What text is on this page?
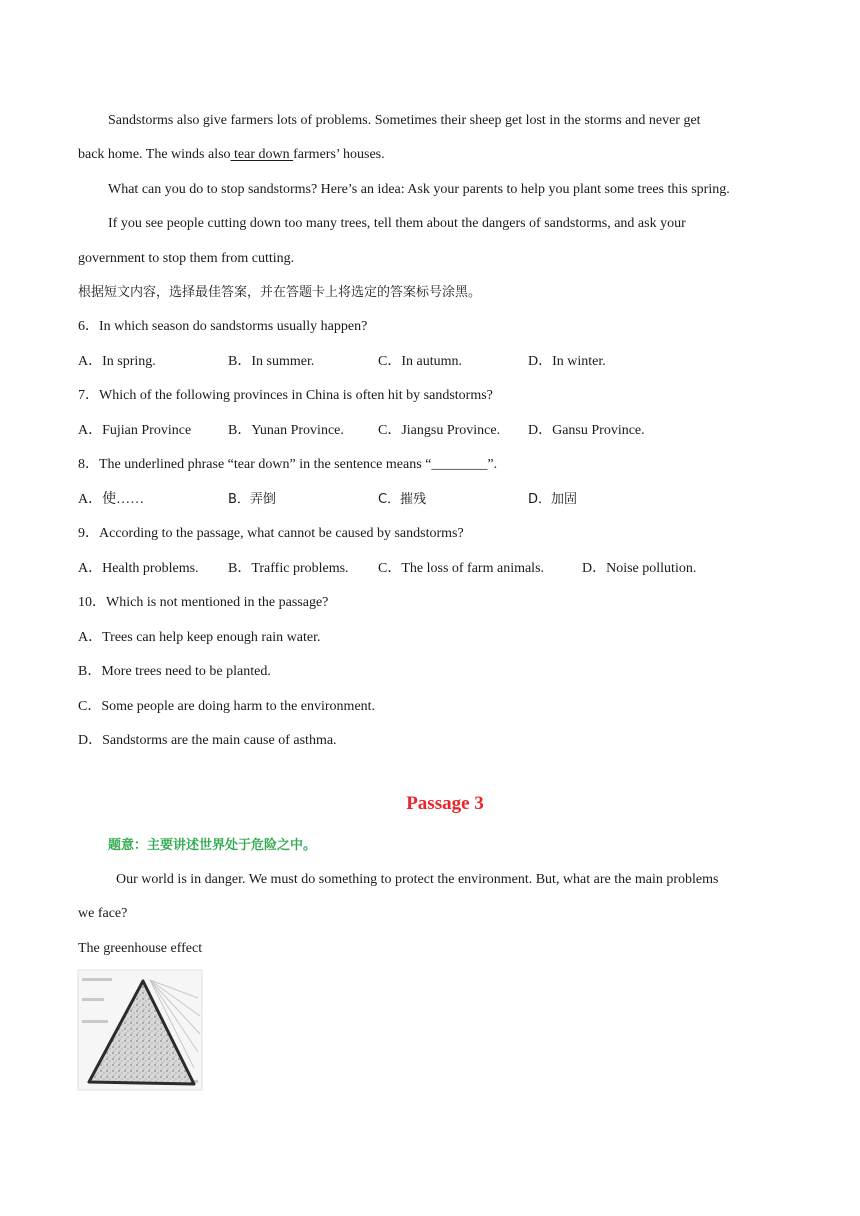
Sandstorms also give farmers lots of problems. Sometimes their sheep get lost in the storms and never get
back home. The winds also tear down farmers’ houses.
What can you do to stop sandstorms? Here’s an idea: Ask your parents to help you plant some trees this spring.
If you see people cutting down too many trees, tell them about the dangers of sandstorms, and ask your
government to stop them from cutting.
根据短文内容，选择最佳答案，并在答题卡上将选定的答案标号涂黑。
6．In which season do sandstorms usually happen?
A．In spring.	B．In summer.	C．In autumn.	D．In winter.
7．Which of the following provinces in China is often hit by sandstorms?
A．Fujian Province	B．Yunan Province. C．Jiangsu Province. D．Gansu Province.
8．The underlined phrase “tear down” in the sentence means “________”.
A．使……	B．弄倒	C．摧残	D．加固
9．According to the passage, what cannot be caused by sandstorms?
A．Health problems. B．Traffic problems. C．The loss of farm animals.	D．Noise pollution.
10．Which is not mentioned in the passage?
A．Trees can help keep enough rain water.
B．More trees need to be planted.
C．Some people are doing harm to the environment.
D．Sandstorms are the main cause of asthma.
Passage 3
题意：主要讲述世界处于危险之中。
Our world is in danger. We must do something to protect the environment. But, what are the main problems
we face?
The greenhouse effect
